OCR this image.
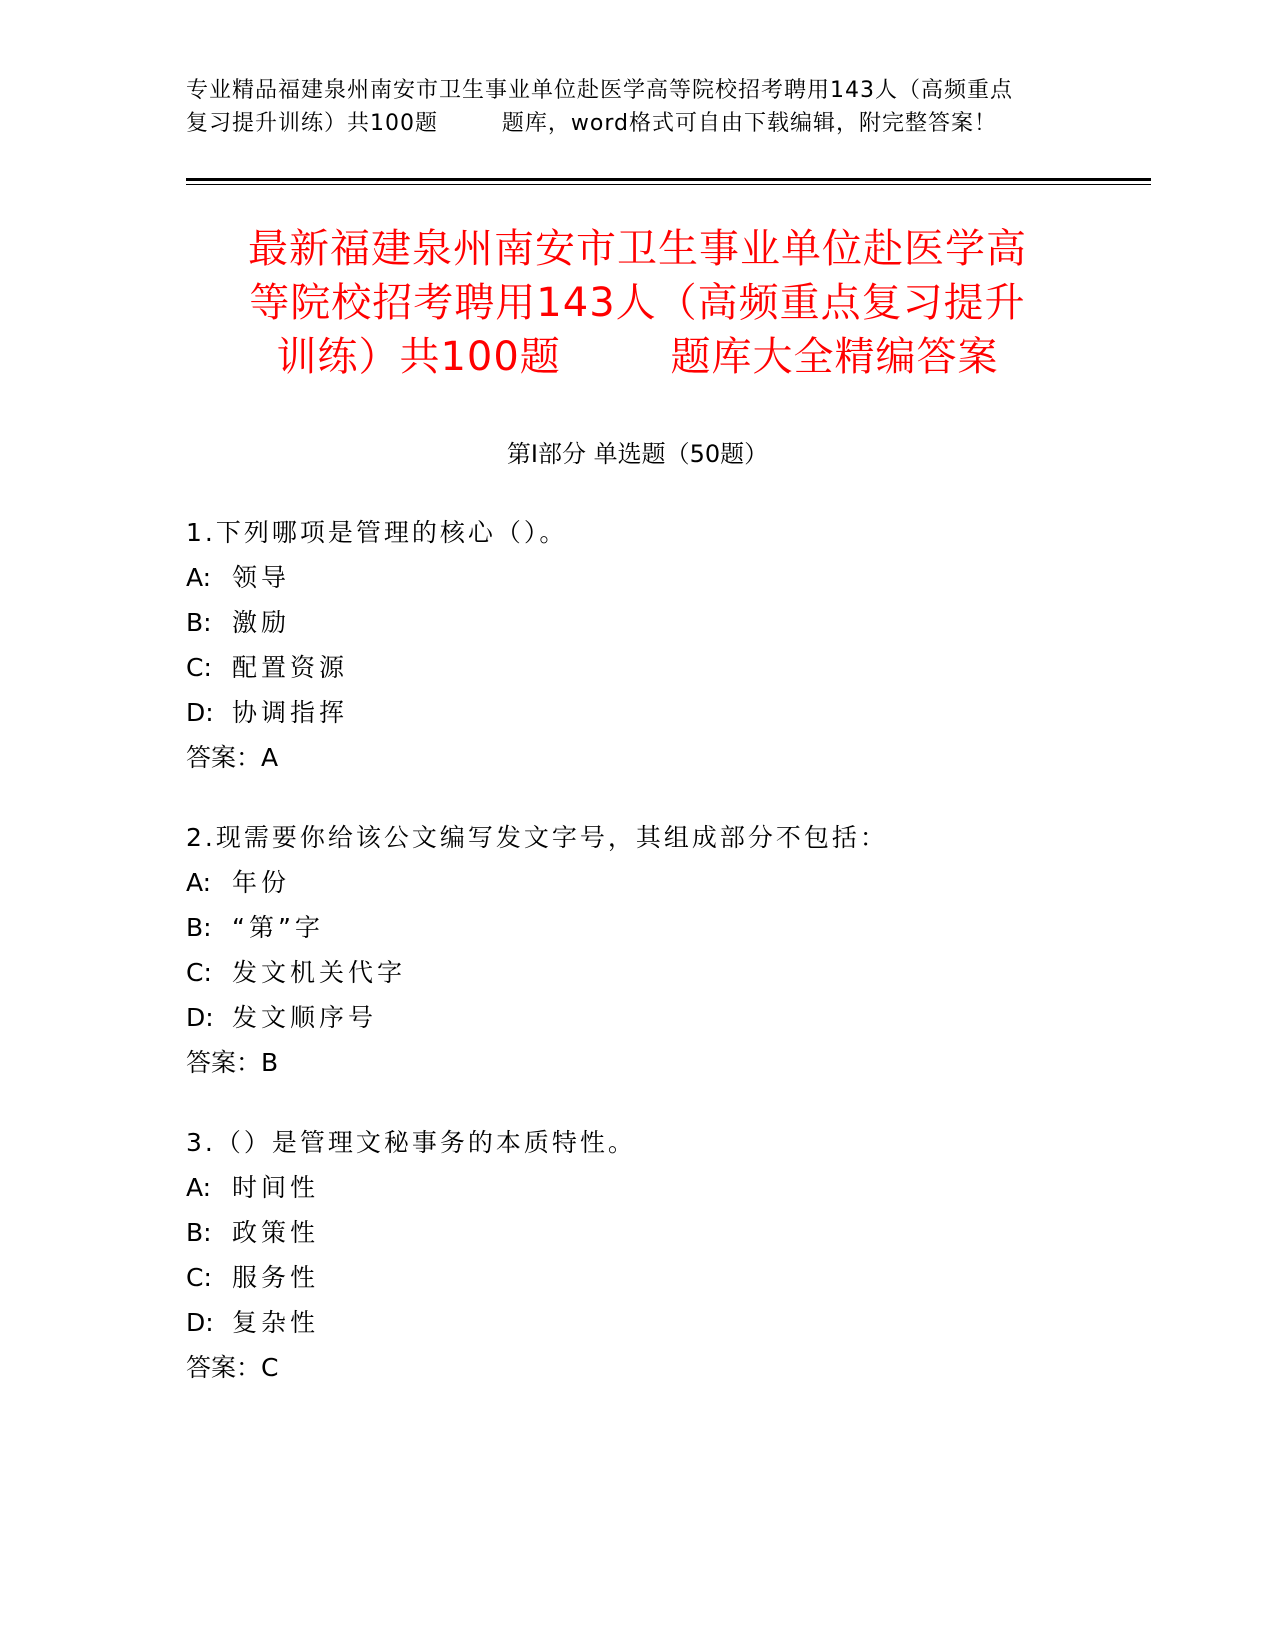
专业精品福建泉州南安市卫生事业单位赴医学高等院校招考聘用143人（高频重点
复习提升训练）共100题        题库，word格式可自由下载编辑，附完整答案！
最新福建泉州南安市卫生事业单位赴医学高
等院校招考聘用143人（高频重点复习提升
训练）共100题        题库大全精编答案
第Ⅰ部分 单选题（50题）
1.下列哪项是管理的核心（）。
A: 领导
B: 激励
C: 配置资源
D: 协调指挥
答案：A
2.现需要你给该公文编写发文字号，其组成部分不包括：
A: 年份
B: “第”字
C: 发文机关代字
D: 发文顺序号
答案：B
3.（）是管理文秘事务的本质特性。
A: 时间性
B: 政策性
C: 服务性
D: 复杂性
答案：C
